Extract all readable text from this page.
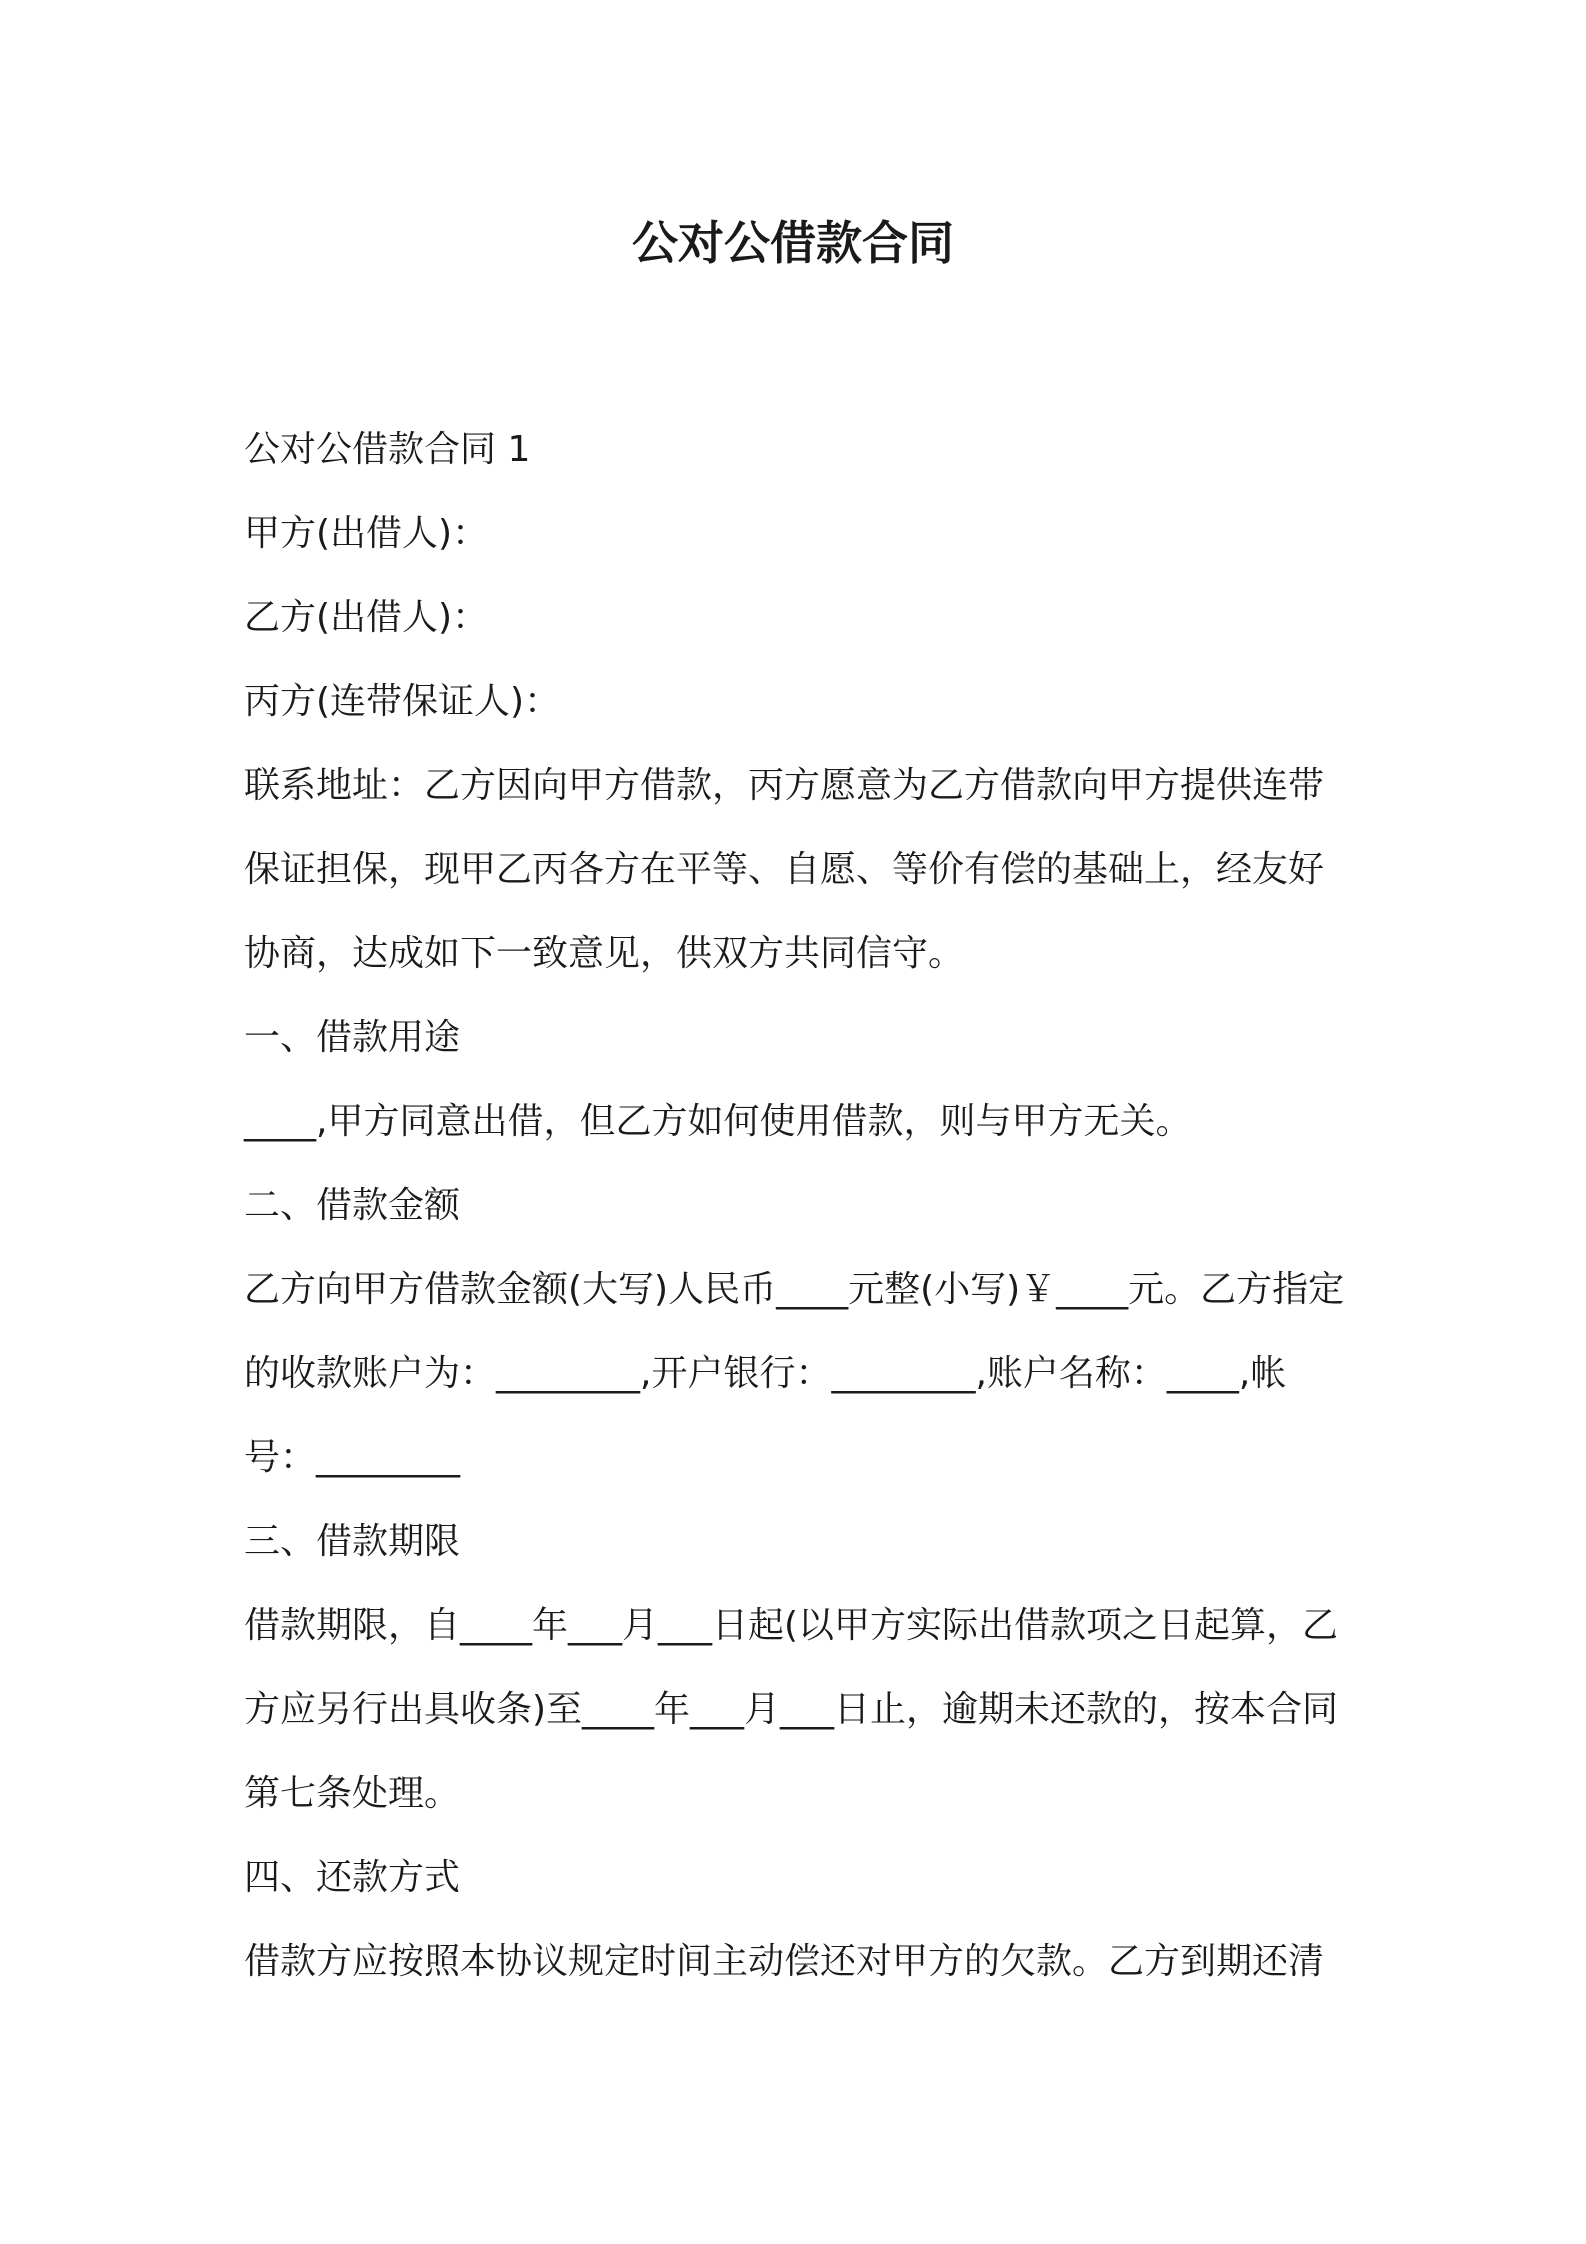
公对公借款合同

公对公借款合同 1

甲方(出借人)：

乙方(出借人)：

丙方(连带保证人)：

联系地址：乙方因向甲方借款，丙方愿意为乙方借款向甲方提供连带保证担保，现甲乙丙各方在平等、自愿、等价有偿的基础上，经友好协商，达成如下一致意见，供双方共同信守。

一、借款用途

____,甲方同意出借，但乙方如何使用借款，则与甲方无关。

二、借款金额

乙方向甲方借款金额(大写)人民币____元整(小写)￥____元。乙方指定的收款账户为：________,开户银行：________,账户名称：____,帐号：________

三、借款期限

借款期限，自____年___月___日起(以甲方实际出借款项之日起算，乙方应另行出具收条)至____年___月___日止，逾期未还款的，按本合同第七条处理。

四、还款方式

借款方应按照本协议规定时间主动偿还对甲方的欠款。乙方到期还清
